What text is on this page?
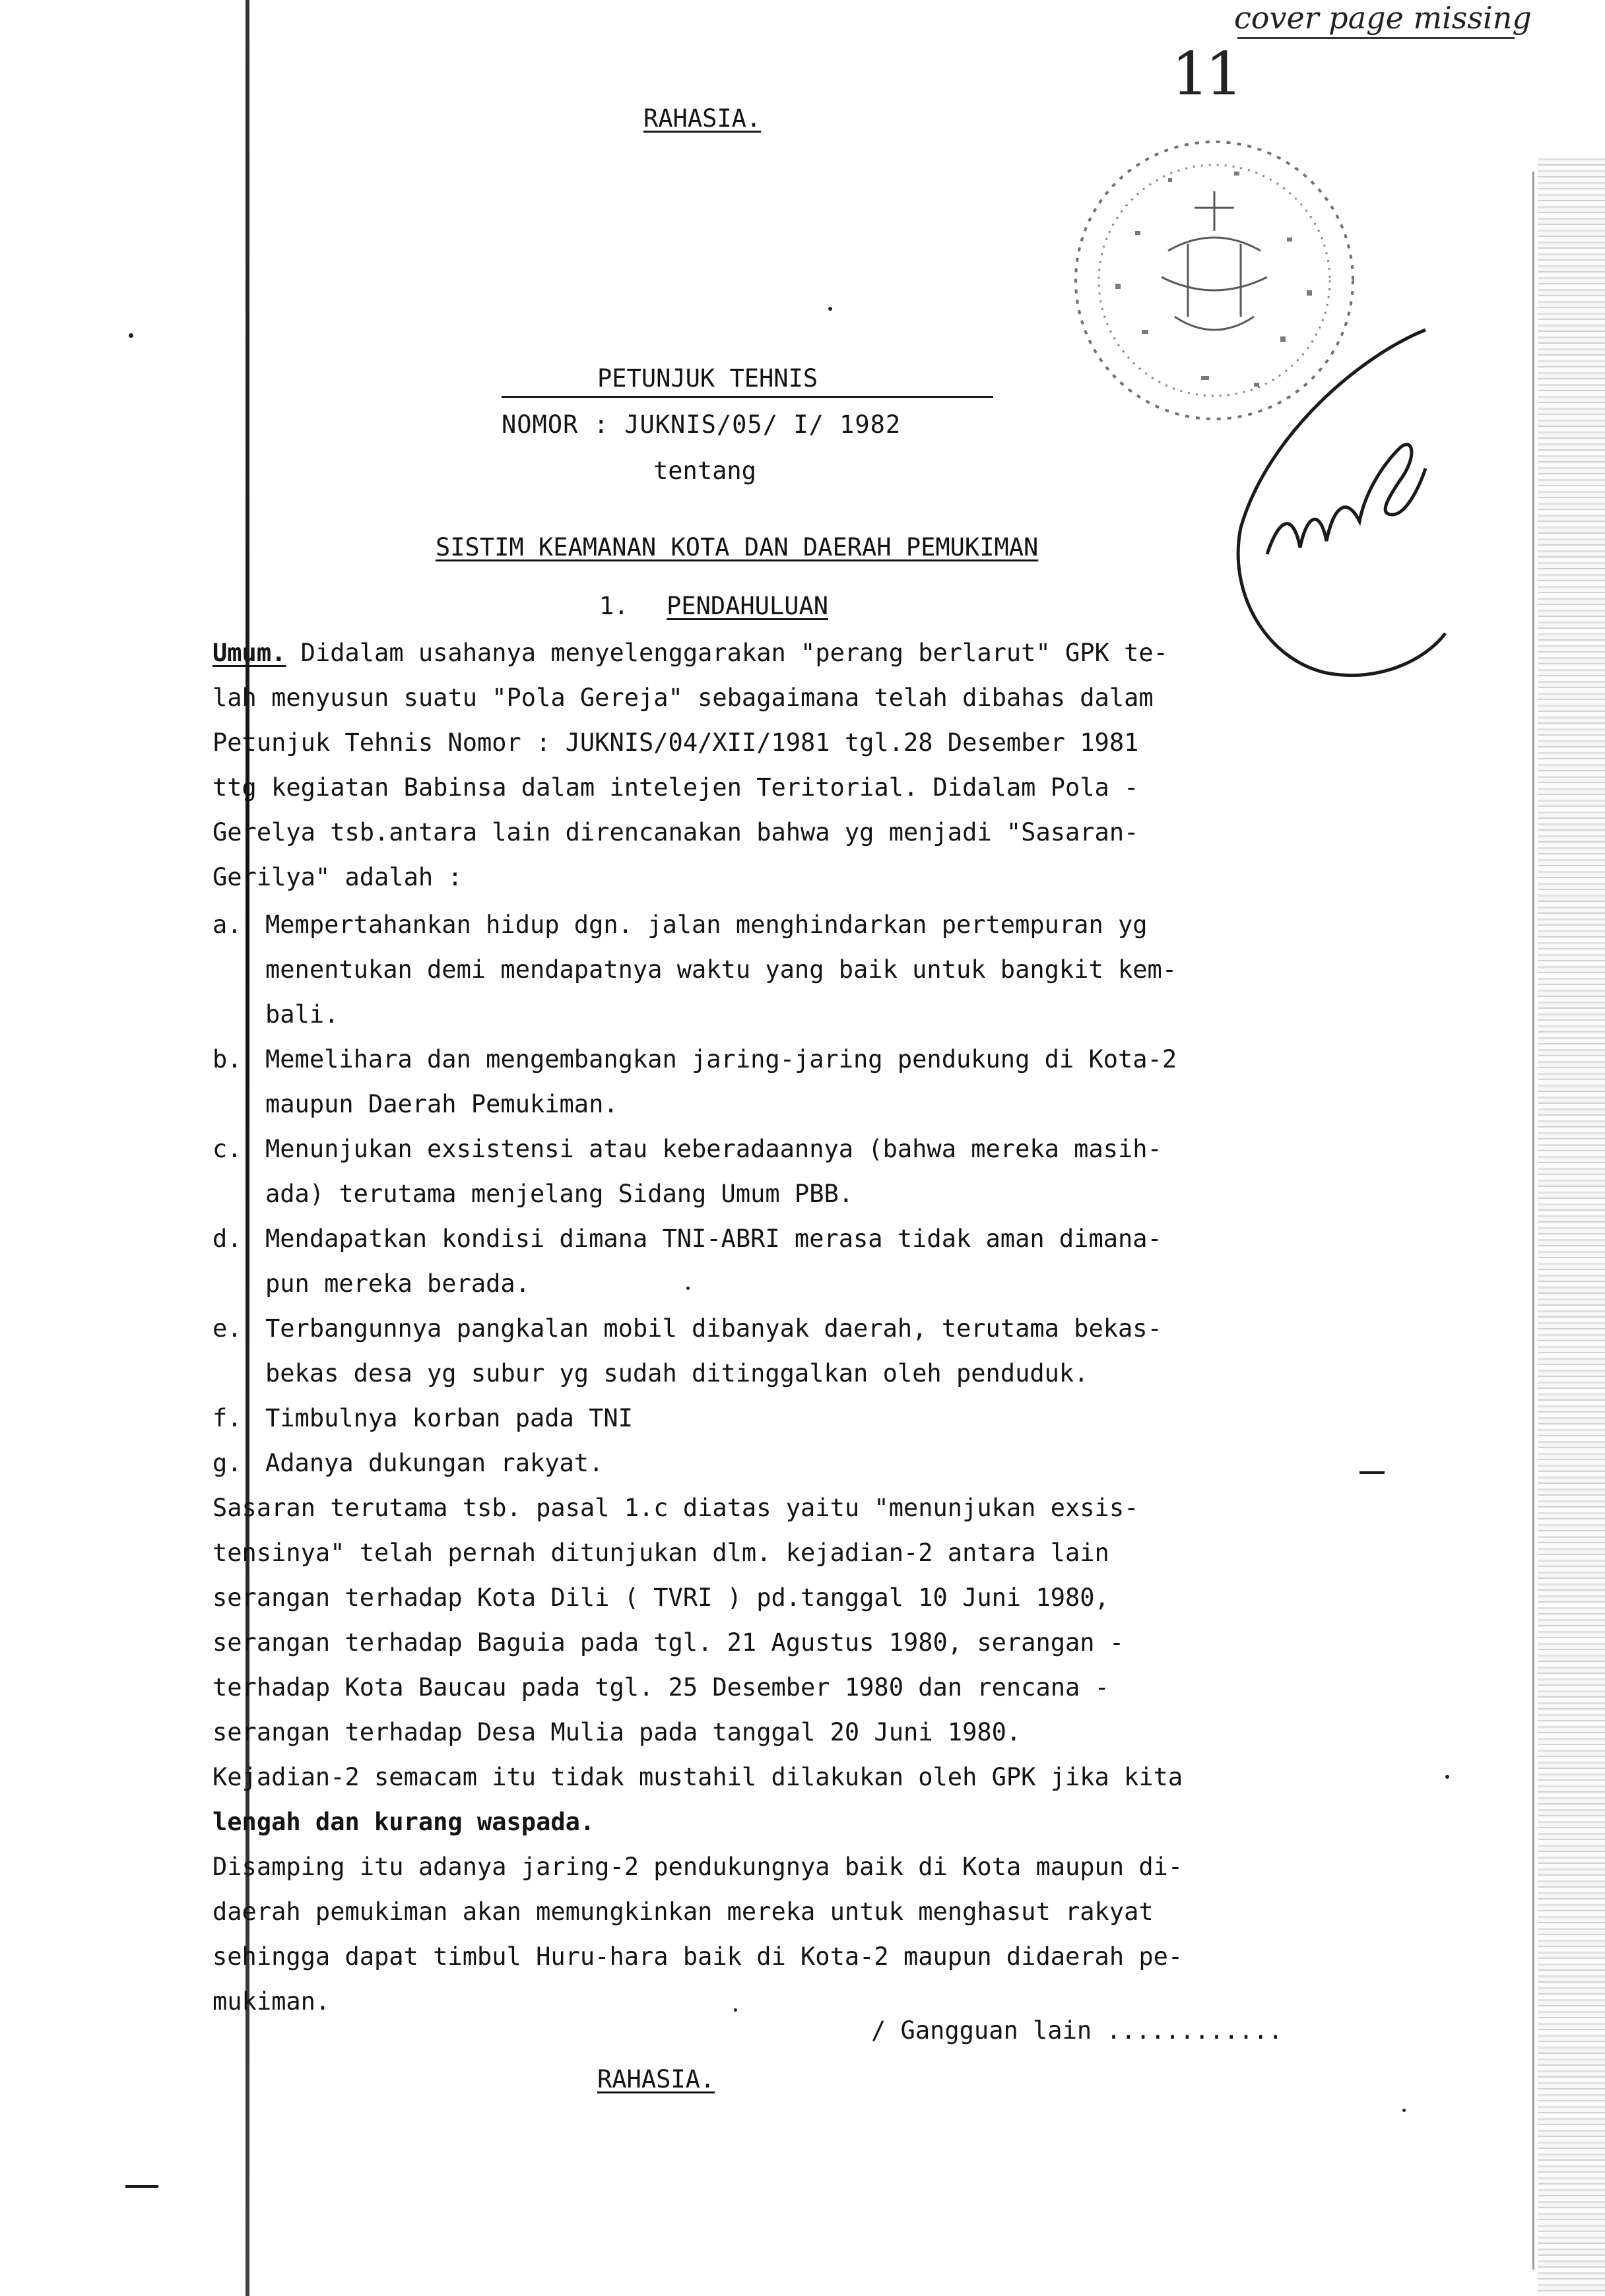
cover page missing
11
MB
RAHASIA.
PETUNJUK TEHNIS
NOMOR : JUKNIS/05/ I/ 1982
tentang
SISTIM KEAMANAN KOTA DAN DAERAH PEMUKIMAN
1. PENDAHULUAN
Umum. Didalam usahanya menyelenggarakan "perang berlarut" GPK te-
lah menyusun suatu "Pola Gereja" sebagaimana telah dibahas dalam
Petunjuk Tehnis Nomor : JUKNIS/04/XII/1981 tgl.28 Desember 1981
ttg kegiatan Babinsa dalam intelejen Teritorial. Didalam Pola -
Gerelya tsb.antara lain direncanakan bahwa yg menjadi "Sasaran-
Gerilya" adalah :
a. Mempertahankan hidup dgn. jalan menghindarkan pertempuran yg
menentukan demi mendapatnya waktu yang baik untuk bangkit kem-
bali.
b. Memelihara dan mengembangkan jaring-jaring pendukung di Kota-2
maupun Daerah Pemukiman.
c. Menunjukan exsistensi atau keberadaannya (bahwa mereka masih-
ada) terutama menjelang Sidang Umum PBB.
d. Mendapatkan kondisi dimana TNI-ABRI merasa tidak aman dimana-
pun mereka berada.
e. Terbangunnya pangkalan mobil dibanyak daerah, terutama bekas-
bekas desa yg subur yg sudah ditinggalkan oleh penduduk.
f. Timbulnya korban pada TNI
g. Adanya dukungan rakyat.
Sasaran terutama tsb. pasal 1.c diatas yaitu "menunjukan exsis-
tensinya" telah pernah ditunjukan dlm. kejadian-2 antara lain
serangan terhadap Kota Dili ( TVRI ) pd.tanggal 10 Juni 1980,
serangan terhadap Baguia pada tgl. 21 Agustus 1980, serangan -
terhadap Kota Baucau pada tgl. 25 Desember 1980 dan rencana -
serangan terhadap Desa Mulia pada tanggal 20 Juni 1980.
Kejadian-2 semacam itu tidak mustahil dilakukan oleh GPK jika kita
lengah dan kurang waspada.
Disamping itu adanya jaring-2 pendukungnya baik di Kota maupun di-
daerah pemukiman akan memungkinkan mereka untuk menghasut rakyat
sehingga dapat timbul Huru-hara baik di Kota-2 maupun didaerah pe-
mukiman.
/ Gangguan lain ............
RAHASIA.
